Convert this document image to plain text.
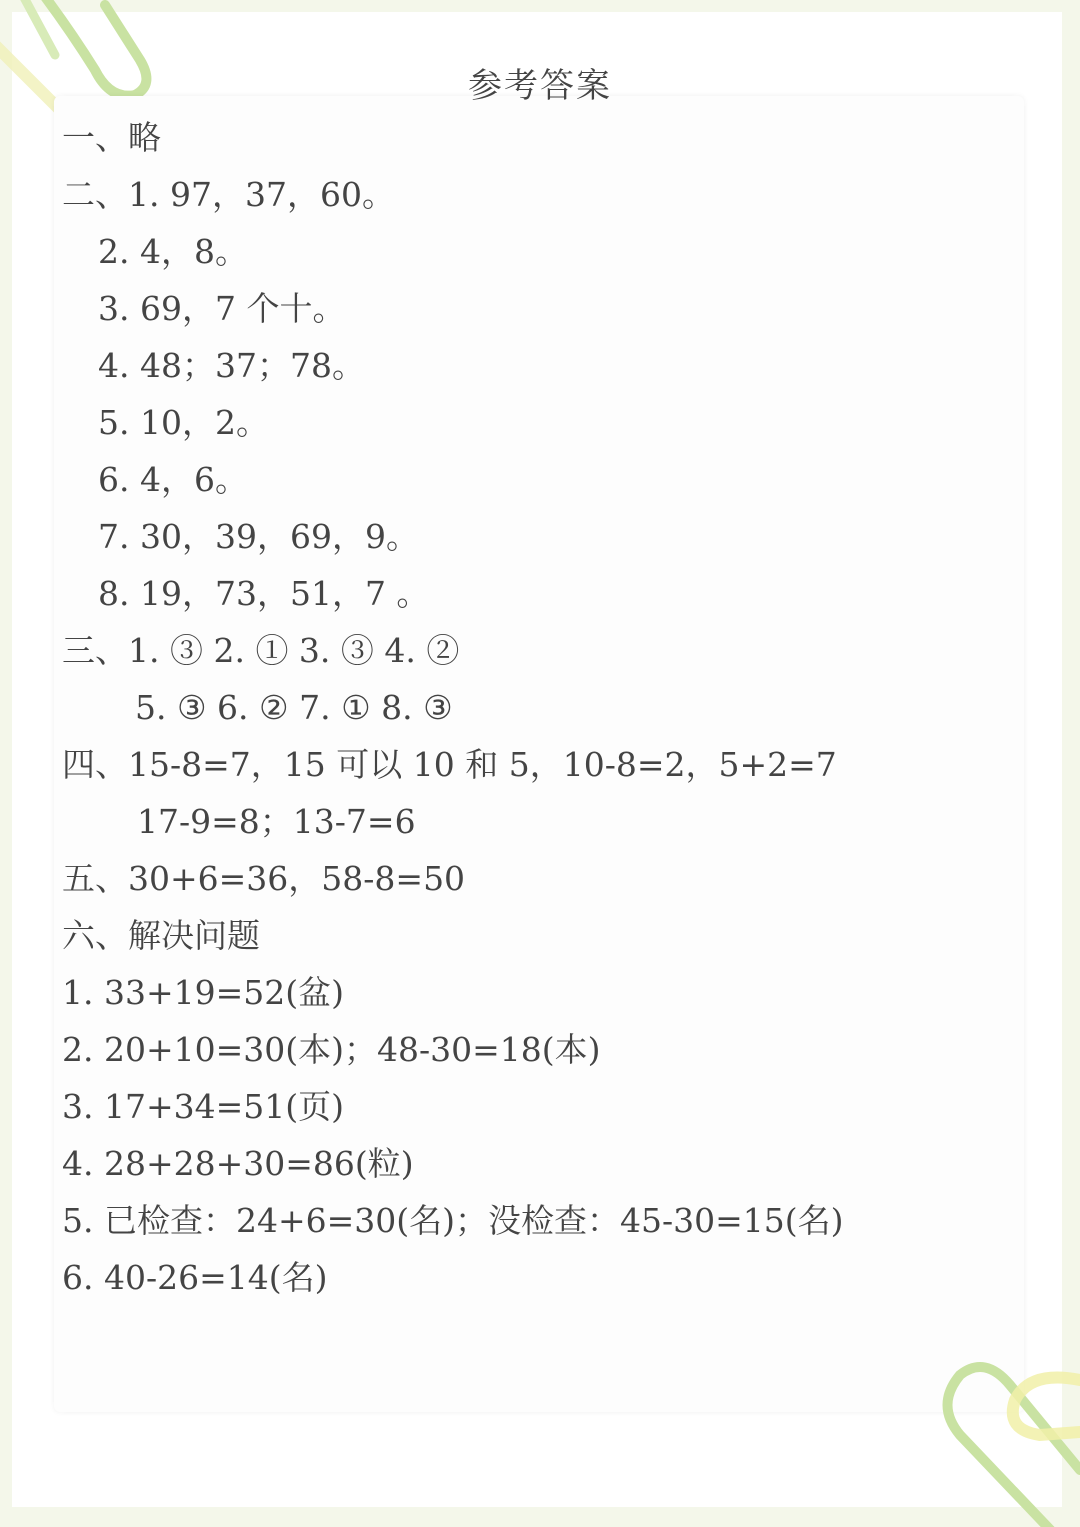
参考答案
一、略
二、1. 97，37，60。
2. 4，8。
3. 69，7 个十。
4. 48；37；78。
5. 10，2。
6. 4，6。
7. 30，39，69，9。
8. 19，73，51，7 。
三、1. ③ 2. ① 3. ③ 4. ②
5. ③ 6. ② 7. ① 8. ③
四、15-8=7，15 可以 10 和 5，10-8=2，5+2=7
17-9=8；13-7=6
五、30+6=36，58-8=50
六、解决问题
1. 33+19=52(盆)
2. 20+10=30(本)；48-30=18(本)
3. 17+34=51(页)
4. 28+28+30=86(粒)
5. 已检查：24+6=30(名)；没检查：45-30=15(名)
6. 40-26=14(名)
